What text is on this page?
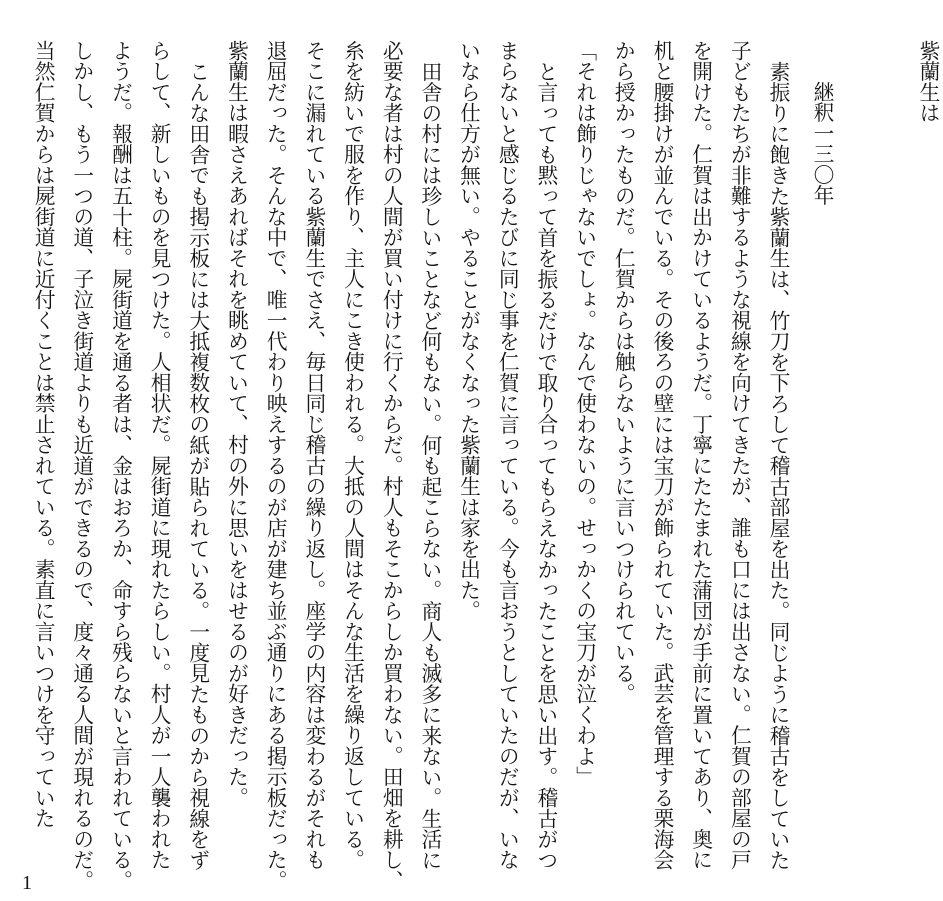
紫蘭生は
継釈一三〇年
素振りに飽きた紫蘭生は、竹刀を下ろして稽古部屋を出た。同じように稽古をしていた
子どもたちが非難するような視線を向けてきたが、誰も口には出さない。仁賀の部屋の戸
を開けた。仁賀は出かけているようだ。丁寧にたたまれた蒲団が手前に置いてあり、奥に
机と腰掛けが並んでいる。その後ろの壁には宝刀が飾られていた。武芸を管理する栗海会
から授かったものだ。仁賀からは触らないように言いつけられている。
「それは飾りじゃないでしょ。なんで使わないの。せっかくの宝刀が泣くわよ」
と言っても黙って首を振るだけで取り合ってもらえなかったことを思い出す。稽古がつ
まらないと感じるたびに同じ事を仁賀に言っている。今も言おうとしていたのだが、いな
いなら仕方が無い。やることがなくなった紫蘭生は家を出た。
田舎の村には珍しいことなど何もない。何も起こらない。商人も滅多に来ない。生活に
必要な者は村の人間が買い付けに行くからだ。村人もそこからしか買わない。田畑を耕し、
糸を紡いで服を作り、主人にこき使われる。大抵の人間はそんな生活を繰り返している。
そこに漏れている紫蘭生でさえ、毎日同じ稽古の繰り返し。座学の内容は変わるがそれも
退屈だった。そんな中で、唯一代わり映えするのが店が建ち並ぶ通りにある掲示板だった。
紫蘭生は暇さえあればそれを眺めていて、村の外に思いをはせるのが好きだった。
こんな田舎でも掲示板には大抵複数枚の紙が貼られている。一度見たものから視線をず
らして、新しいものを見つけた。人相状だ。屍街道に現れたらしい。村人が一人襲われた
ようだ。報酬は五十柱。屍街道を通る者は、金はおろか、命すら残らないと言われている。
しかし、もう一つの道、子泣き街道よりも近道ができるので、度々通る人間が現れるのだ。
当然仁賀からは屍街道に近付くことは禁止されている。素直に言いつけを守っていた
1
